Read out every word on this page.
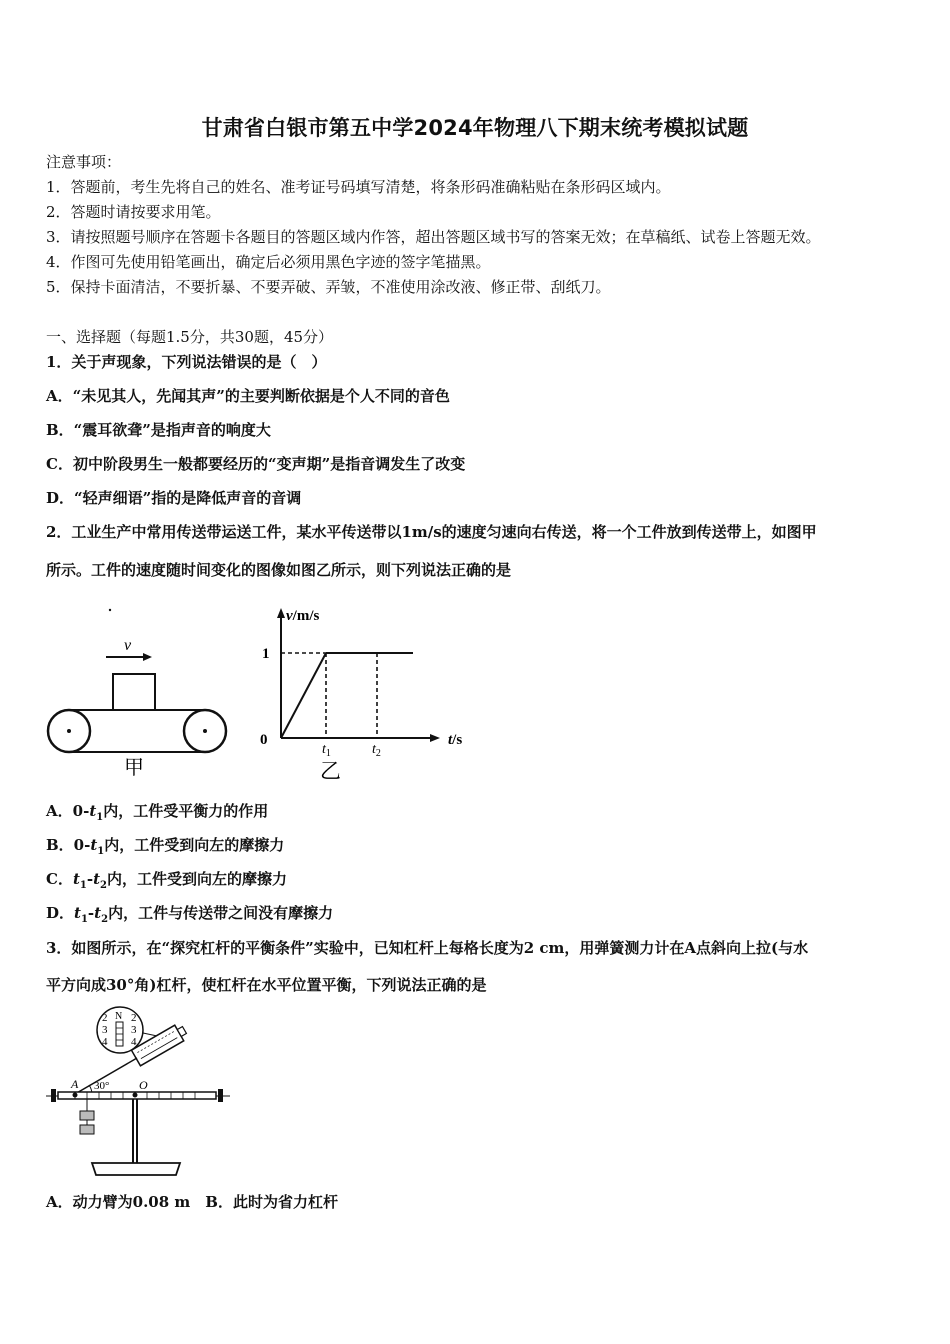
甘肃省白银市第五中学2024年物理八下期末统考模拟试题
注意事项：
1．答题前，考生先将自己的姓名、准考证号码填写清楚，将条形码准确粘贴在条形码区域内。
2．答题时请按要求用笔。
3．请按照题号顺序在答题卡各题目的答题区域内作答，超出答题区域书写的答案无效；在草稿纸、试卷上答题无效。
4．作图可先使用铅笔画出，确定后必须用黑色字迹的签字笔描黑。
5．保持卡面清洁，不要折暴、不要弄破、弄皱，不准使用涂改液、修正带、刮纸刀。
一、选择题（每题1.5分，共30题，45分）
1．关于声现象，下列说法错误的是（　）
A．“未见其人，先闻其声”的主要判断依据是个人不同的音色
B．“震耳欲聋”是指声音的响度大
C．初中阶段男生一般都要经历的“变声期”是指音调发生了改变
D．“轻声细语”指的是降低声音的音调
2．工业生产中常用传送带运送工件，某水平传送带以1m/s的速度匀速向右传送，将一个工件放到传送带上，如图甲
所示。工件的速度随时间变化的图像如图乙所示，则下列说法正确的是
v
甲
v/m/s
1
0
$t_1$	$t_2$
t/s
乙
A．$0-t_1$内，工件受平衡力的作用
B．$0-t_1$内，工件受到向左的摩擦力
C．$t_1-t_2$内，工件受到向左的摩擦力
D．$t_1-t_2$内，工件与传送带之间没有摩擦力
3．如图所示，在“探究杠杆的平衡条件”实验中，已知杠杆上每格长度为2 cm，用弹簧测力计在A点斜向上拉(与水
平方向成30°角)杠杆，使杠杆在水平位置平衡，下列说法正确的是
N
2
3
4
2
3
4
30°
A	O
A．动力臂为0.08 m　B．此时为省力杠杆
